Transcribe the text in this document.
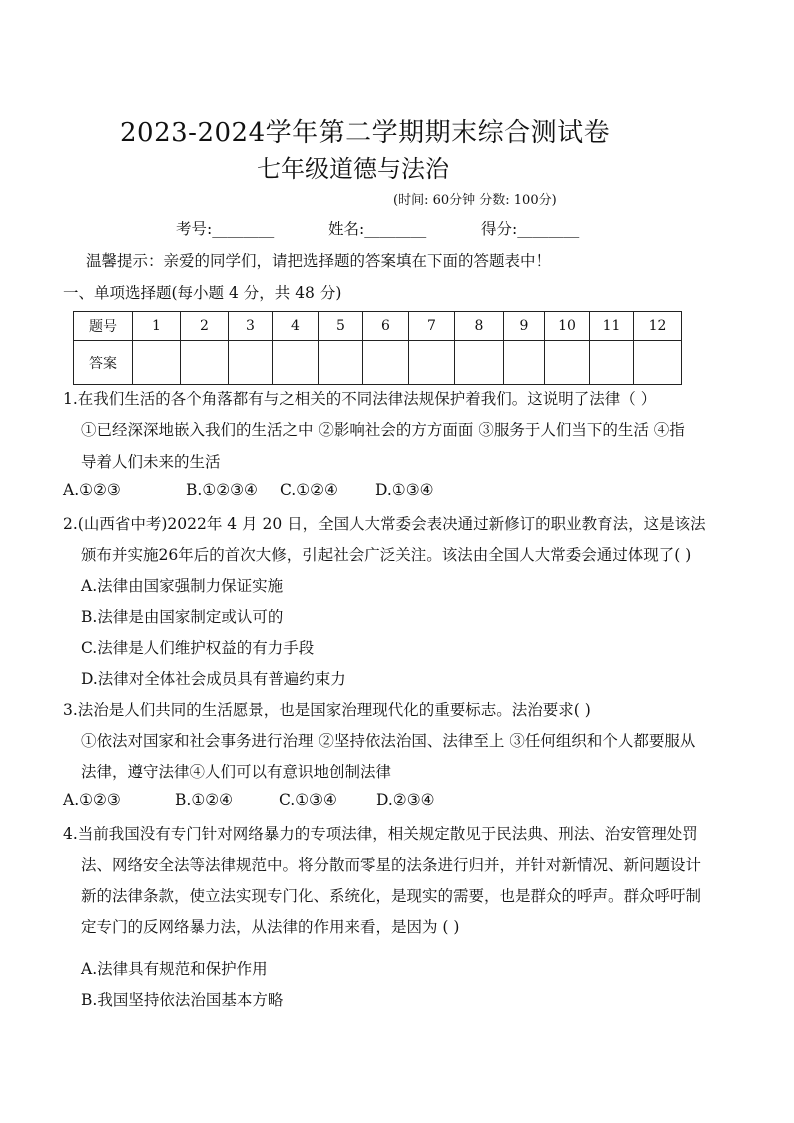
2023-2024学年第二学期期末综合测试卷
七年级道德与法治
(时间: 60分钟 分数: 100分)
考号:________	姓名:________	得分:________
温馨提示：亲爱的同学们，请把选择题的答案填在下面的答题表中！
一、单项选择题(每小题 4 分，共 48 分)
题号	1	2	3	4	5	6	7	8	9	10	11	12
答案												
1.在我们生活的各个角落都有与之相关的不同法律法规保护着我们。这说明了法律（ ）
①已经深深地嵌入我们的生活之中 ②影响社会的方方面面 ③服务于人们当下的生活 ④指
导着人们未来的生活
A.①②③	B.①②③④ C.①②④ D.①③④
2.(山西省中考)2022年 4 月 20 日，全国人大常委会表决通过新修订的职业教育法，这是该法
颁布并实施26年后的首次大修，引起社会广泛关注。该法由全国人大常委会通过体现了( )
A.法律由国家强制力保证实施
B.法律是由国家制定或认可的
C.法律是人们维护权益的有力手段
D.法律对全体社会成员具有普遍约束力
3.法治是人们共同的生活愿景，也是国家治理现代化的重要标志。法治要求( )
①依法对国家和社会事务进行治理 ②坚持依法治国、法律至上 ③任何组织和个人都要服从
法律，遵守法律④人们可以有意识地创制法律
A.①②③	B.①②④	C.①③④	D.②③④
4.当前我国没有专门针对网络暴力的专项法律，相关规定散见于民法典、刑法、治安管理处罚
法、网络安全法等法律规范中。将分散而零星的法条进行归并，并针对新情况、新问题设计
新的法律条款，使立法实现专门化、系统化，是现实的需要，也是群众的呼声。群众呼吁制
定专门的反网络暴力法，从法律的作用来看，是因为 ( )
A.法律具有规范和保护作用
B.我国坚持依法治国基本方略
